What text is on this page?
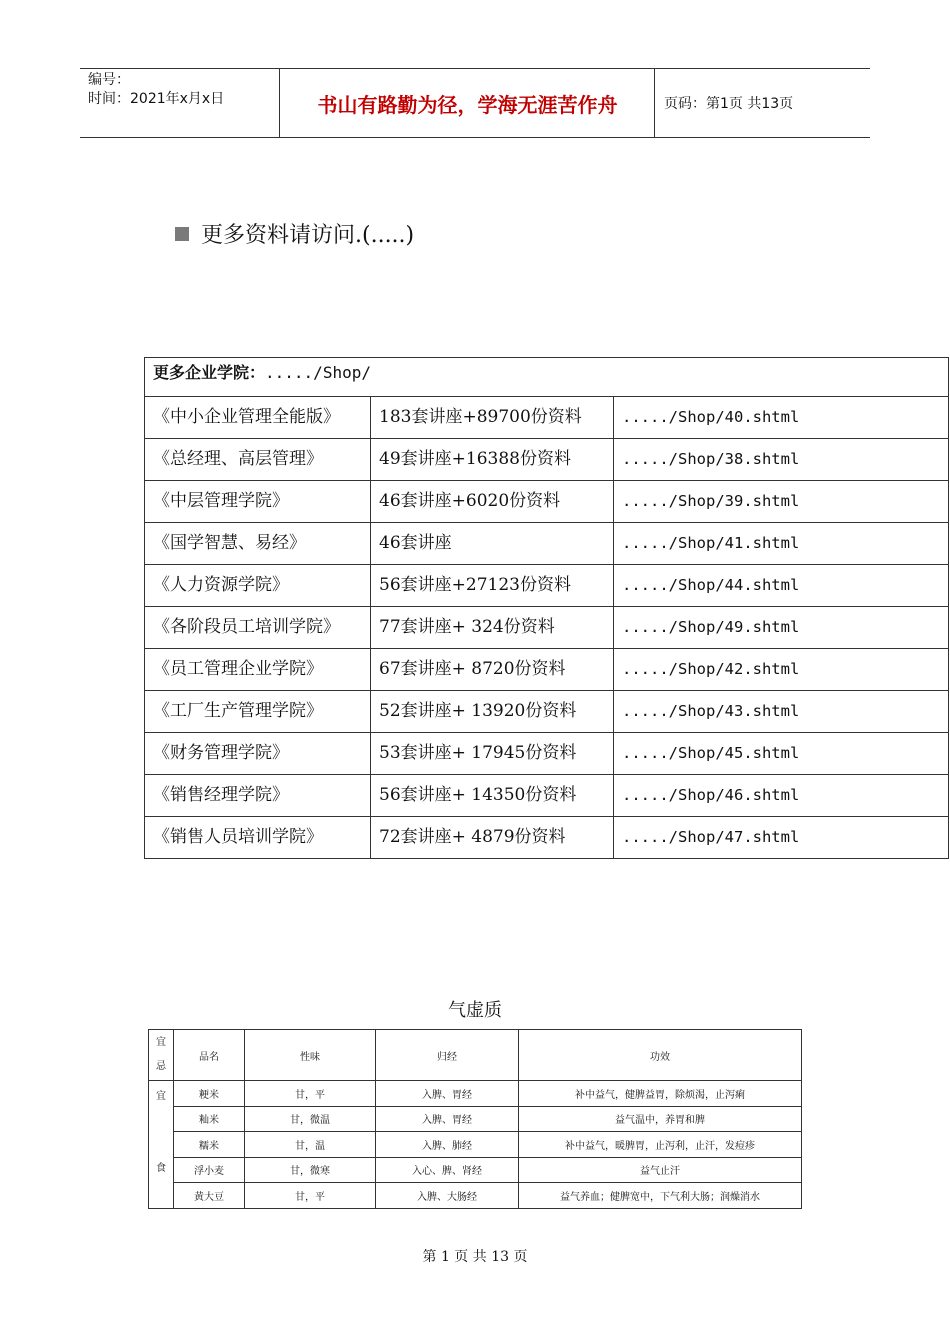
编号：
时间：2021年x月x日	书山有路勤为径，学海无涯苦作舟	页码：第1页 共13页
更多资料请访问.(.....)
更多企业学院：...../Shop/		

《中小企业管理全能版》	183套讲座+89700份资料	...../Shop/40.shtml
《总经理、高层管理》	49套讲座+16388份资料	...../Shop/38.shtml
《中层管理学院》	46套讲座+6020份资料	...../Shop/39.shtml
《国学智慧、易经》	46套讲座	...../Shop/41.shtml
《人力资源学院》	56套讲座+27123份资料	...../Shop/44.shtml

《各阶段员工培训学院》	77套讲座+ 324份资料	...../Shop/49.shtml
《员工管理企业学院》	67套讲座+ 8720份资料	...../Shop/42.shtml
《工厂生产管理学院》	52套讲座+ 13920份资料	...../Shop/43.shtml
《财务管理学院》	53套讲座+ 17945份资料	...../Shop/45.shtml
《销售经理学院》	56套讲座+ 14350份资料	...../Shop/46.shtml
《销售人员培训学院》	72套讲座+ 4879份资料	...../Shop/47.shtml
气虚质
宜忌	品名	性味	归经	功效

宜
食	粳米	甘，平	入脾、胃经	补中益气，健脾益胃，除烦渴，止泻痢
	籼米	甘，微温	入脾、胃经	益气温中，养胃和脾
	糯米	甘，温	入脾、肺经	补中益气，暖脾胃，止泻利，止汗，发痘疹
	浮小麦	甘，微寒	入心、脾、肾经	益气止汗
	黄大豆	甘，平	入脾、大肠经	益气养血；健脾宽中，下气利大肠；润燥消水
第 1 页 共 13 页
